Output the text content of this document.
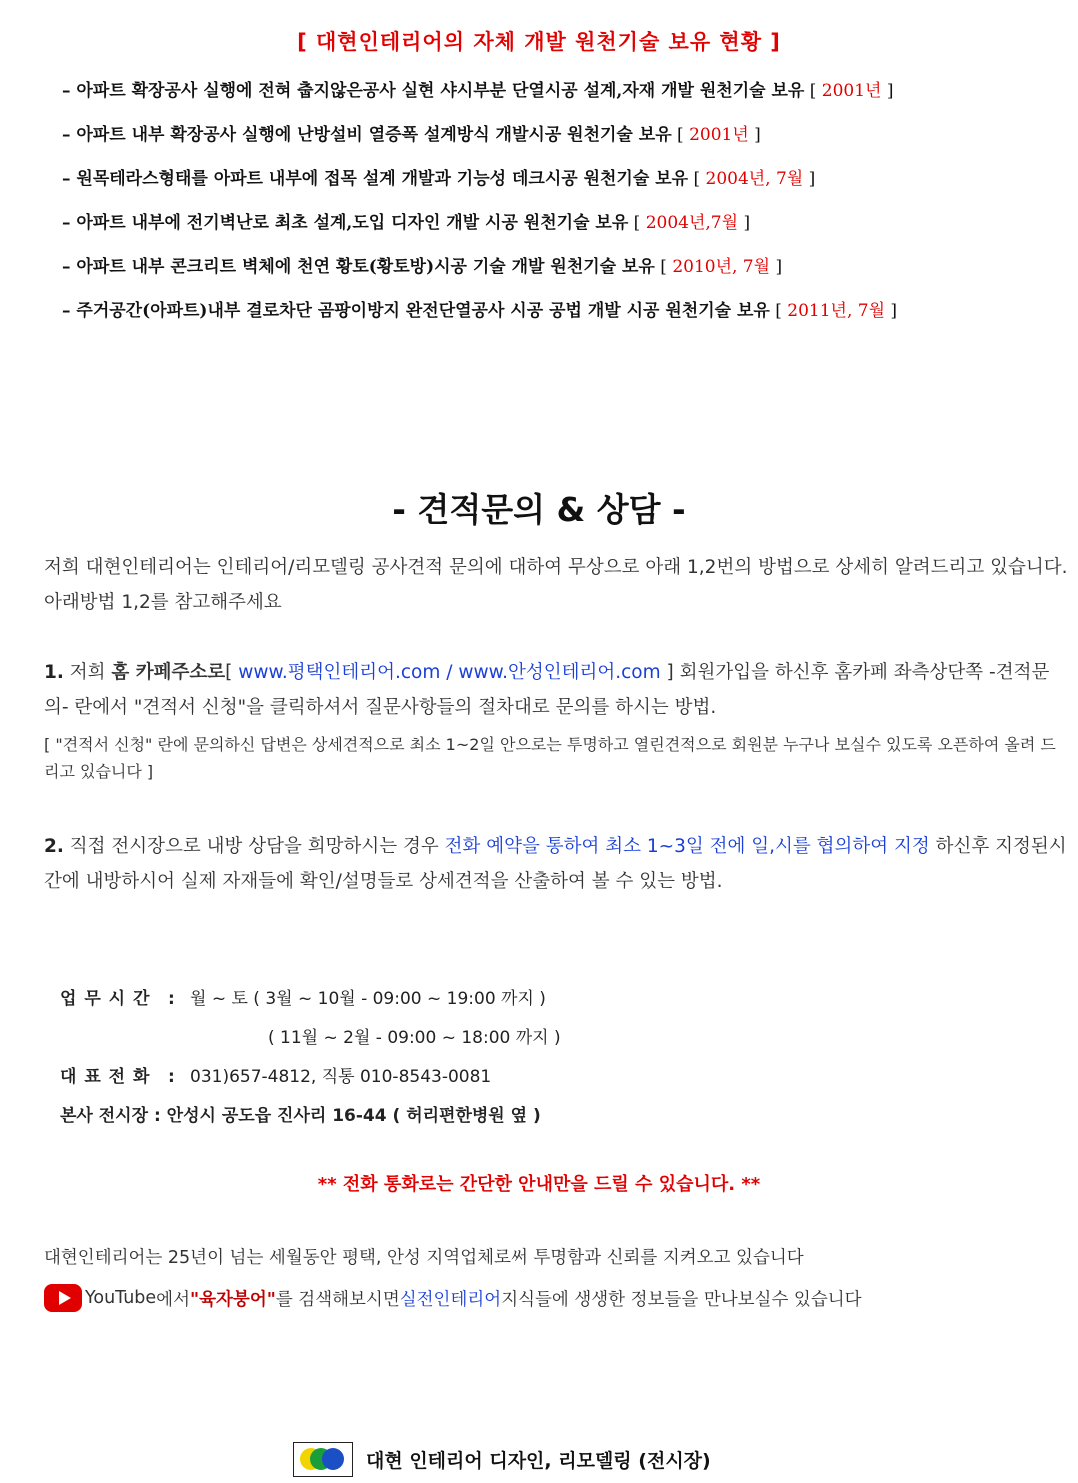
[ 대현인테리어의 자체 개발 원천기술 보유 현황 ]
– 아파트 확장공사 실행에 전혀 춥지않은공사 실현 샤시부분 단열시공 설계,자재 개발 원천기술 보유 [ 2001년 ]
– 아파트 내부 확장공사 실행에 난방설비 열증폭 설계방식 개발시공 원천기술 보유 [ 2001년 ]
– 원목테라스형태를 아파트 내부에 접목 설계 개발과 기능성 데크시공 원천기술 보유 [ 2004년, 7월 ]
– 아파트 내부에 전기벽난로 최초 설계,도입 디자인 개발 시공 원천기술 보유 [ 2004년,7월 ]
– 아파트 내부 콘크리트 벽체에 천연 황토(황토방)시공 기술 개발 원천기술 보유 [ 2010년, 7월 ]
– 주거공간(아파트)내부 결로차단 곰팡이방지 완전단열공사 시공 공법 개발 시공 원천기술 보유 [ 2011년, 7월 ]
- 견적문의 & 상담 -
저희 대현인테리어는 인테리어/리모델링 공사견적 문의에 대하여 무상으로 아래 1,2번의 방법으로 상세히 알려드리고 있습니다. 아래방법 1,2를 참고해주세요
1. 저희 홈 카페주소로[ www.평택인테리어.com / www.안성인테리어.com ] 회원가입을 하신후 홈카페 좌측상단쪽 -견적문의- 란에서 "견적서 신청"을 클릭하셔서 질문사항들의 절차대로 문의를 하시는 방법.
[ "견적서 신청" 란에 문의하신 답변은 상세견적으로 최소 1~2일 안으로는 투명하고 열린견적으로 회원분 누구나 보실수 있도록 오픈하여 올려 드리고 있습니다 ]
2. 직접 전시장으로 내방 상담을 희망하시는 경우 전화 예약을 통하여 최소 1~3일 전에 일,시를 협의하여 지정 하신후 지정된시간에 내방하시어 실제 자재들에 확인/설명들로 상세견적을 산출하여 볼 수 있는 방법.
업 무 시 간 : 월 ~ 토 ( 3월 ~ 10월 - 09:00 ~ 19:00 까지 )
( 11월 ~ 2월 - 09:00 ~ 18:00 까지 )
대 표 전 화 : 031)657-4812, 직통 010-8543-0081
본사 전시장 : 안성시 공도읍 진사리 16-44 ( 허리편한병원 옆 )
** 전화 통화로는 간단한 안내만을 드릴 수 있습니다. **
대현인테리어는 25년이 넘는 세월동안 평택, 안성 지역업체로써 투명함과 신뢰를 지켜오고 있습니다
YouTube 에서 "육자붕어" 를 검색해보시면 실전인테리어 지식들에 생생한 정보들을 만나보실수 있습니다
대현 인테리어 디자인, 리모델링 (전시장)
